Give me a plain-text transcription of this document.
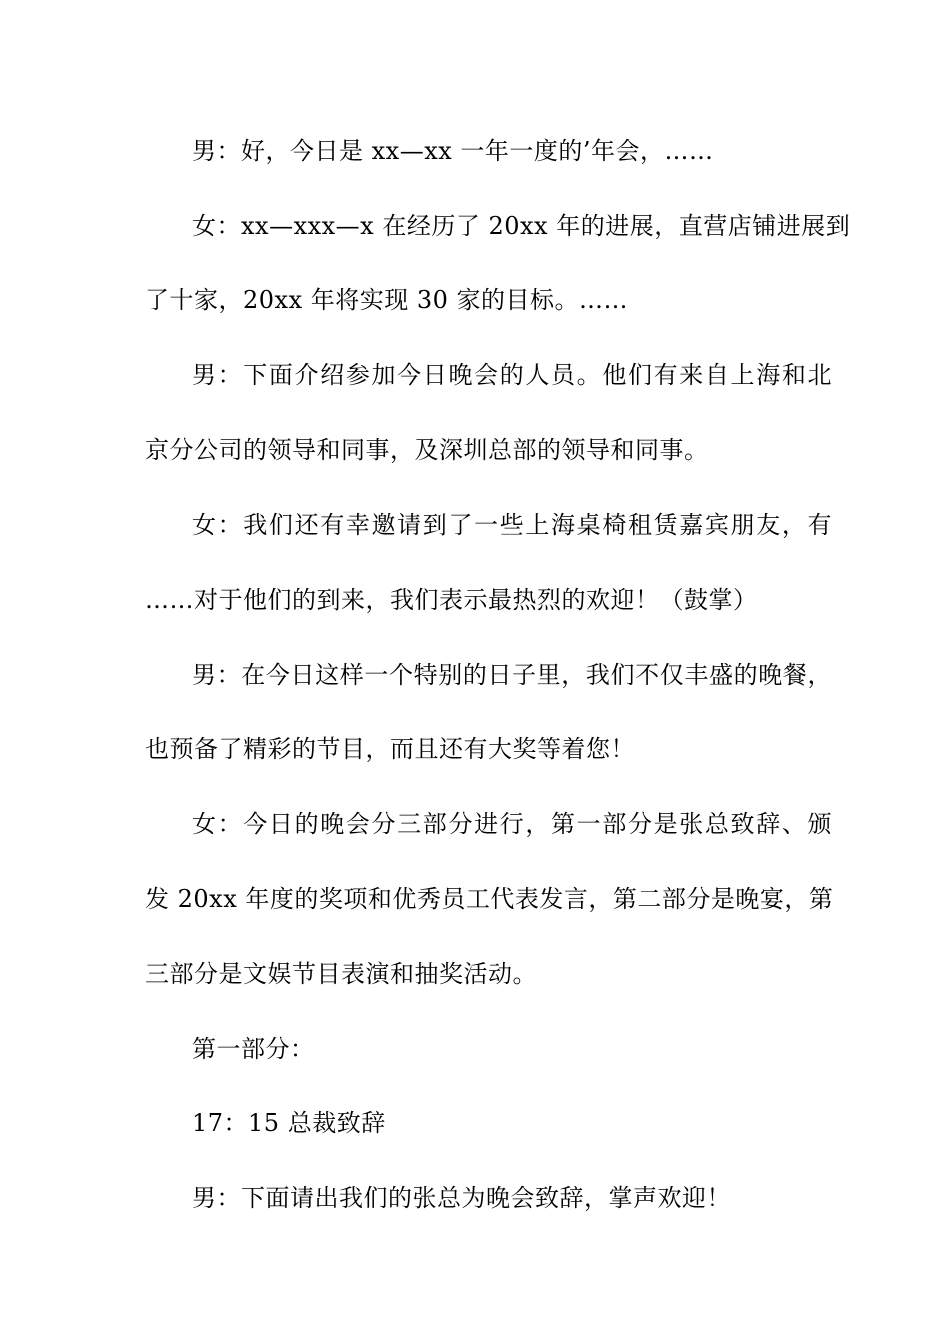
男：好，今日是 xx—xx 一年一度的’年会，……
女：xx—xxx—x 在经历了 20xx 年的进展，直营店铺进展到
了十家，20xx 年将实现 30 家的目标。……
男：下面介绍参加今日晚会的人员。他们有来自上海和北
京分公司的领导和同事，及深圳总部的领导和同事。
女：我们还有幸邀请到了一些上海桌椅租赁嘉宾朋友，有
……对于他们的到来，我们表示最热烈的欢迎！（鼓掌）
男：在今日这样一个特别的日子里，我们不仅丰盛的晚餐，
也预备了精彩的节目，而且还有大奖等着您！
女：今日的晚会分三部分进行，第一部分是张总致辞、颁
发 20xx 年度的奖项和优秀员工代表发言，第二部分是晚宴，第
三部分是文娱节目表演和抽奖活动。
第一部分：
17：15 总裁致辞
男：下面请出我们的张总为晚会致辞，掌声欢迎！
